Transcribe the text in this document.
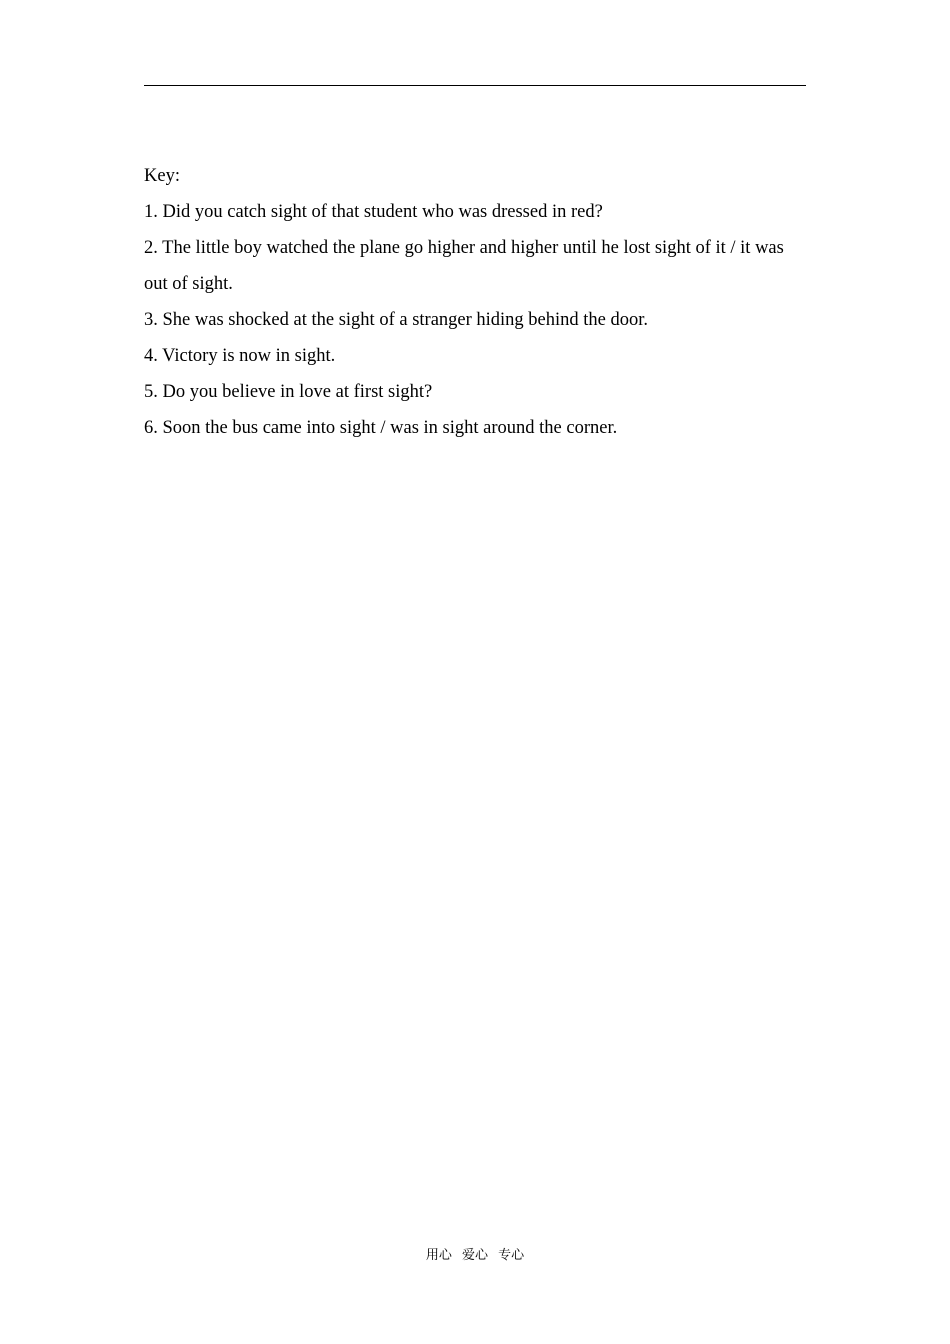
Key:

1. Did you catch sight of that student who was dressed in red?

2. The little boy watched the plane go higher and higher until he lost sight of it / it was out of sight.

3. She was shocked at the sight of a stranger hiding behind the door.

4. Victory is now in sight.

5. Do you believe in love at first sight?

6. Soon the bus came into sight / was in sight around the corner.

用心 爱心 专心
